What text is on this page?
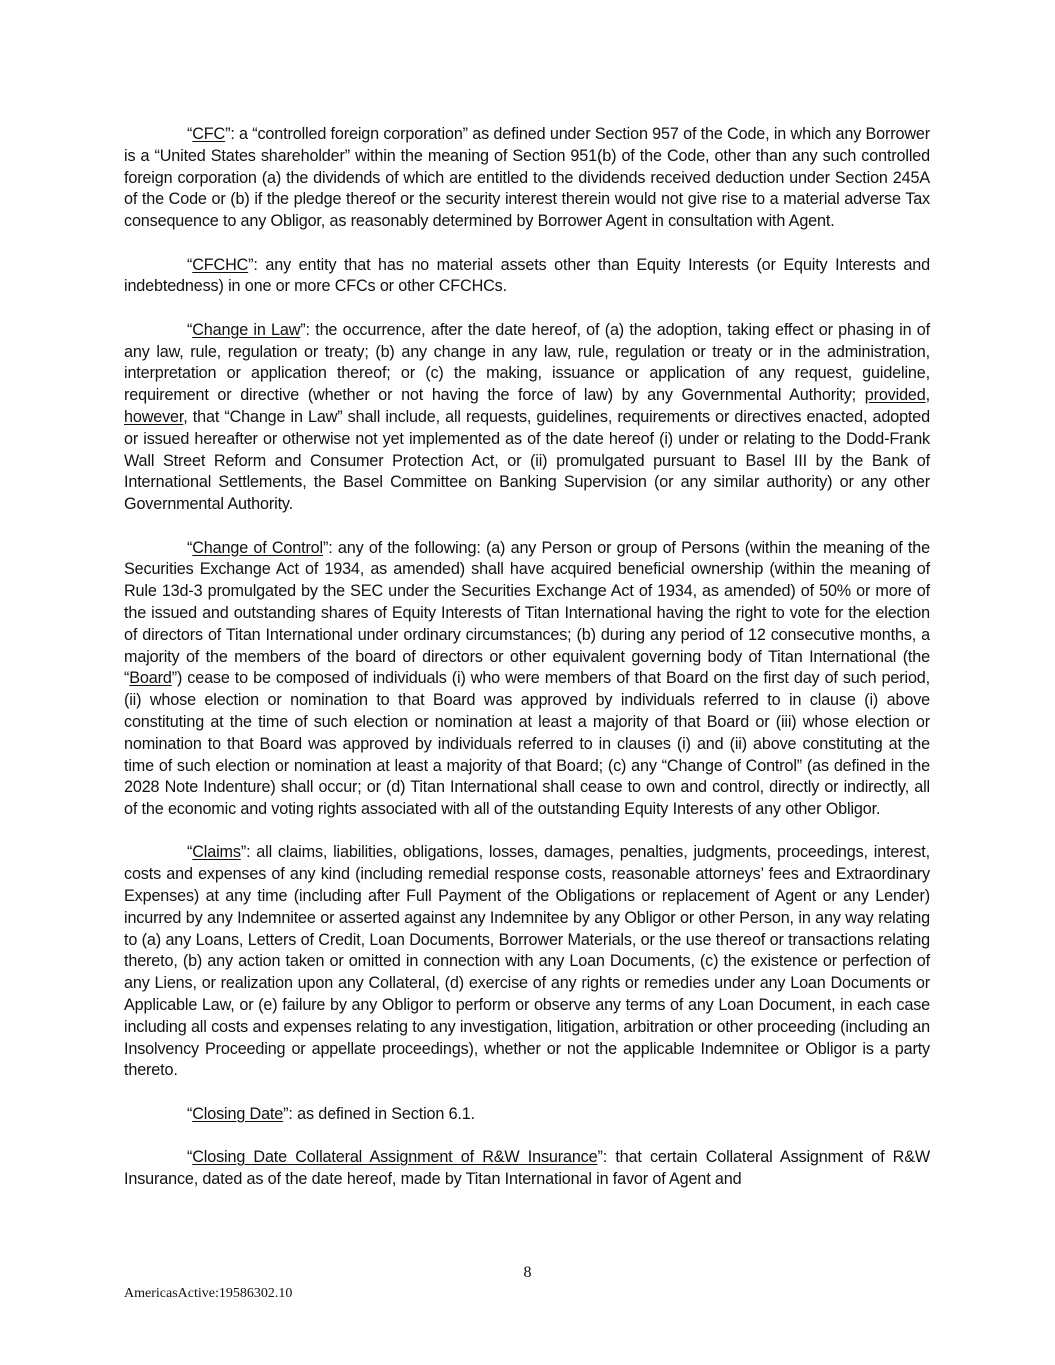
“CFC”: a “controlled foreign corporation” as defined under Section 957 of the Code, in which any Borrower is a “United States shareholder” within the meaning of Section 951(b) of the Code, other than any such controlled foreign corporation (a) the dividends of which are entitled to the dividends received deduction under Section 245A of the Code or (b) if the pledge thereof or the security interest therein would not give rise to a material adverse Tax consequence to any Obligor, as reasonably determined by Borrower Agent in consultation with Agent.

“CFCHC”: any entity that has no material assets other than Equity Interests (or Equity Interests and indebtedness) in one or more CFCs or other CFCHCs.

“Change in Law”: the occurrence, after the date hereof, of (a) the adoption, taking effect or phasing in of any law, rule, regulation or treaty; (b) any change in any law, rule, regulation or treaty or in the administration, interpretation or application thereof; or (c) the making, issuance or application of any request, guideline, requirement or directive (whether or not having the force of law) by any Governmental Authority; provided, however, that “Change in Law” shall include, all requests, guidelines, requirements or directives enacted, adopted or issued hereafter or otherwise not yet implemented as of the date hereof (i) under or relating to the Dodd-Frank Wall Street Reform and Consumer Protection Act, or (ii) promulgated pursuant to Basel III by the Bank of International Settlements, the Basel Committee on Banking Supervision (or any similar authority) or any other Governmental Authority.

“Change of Control”: any of the following: (a) any Person or group of Persons (within the meaning of the Securities Exchange Act of 1934, as amended) shall have acquired beneficial ownership (within the meaning of Rule 13d-3 promulgated by the SEC under the Securities Exchange Act of 1934, as amended) of 50% or more of the issued and outstanding shares of Equity Interests of Titan International having the right to vote for the election of directors of Titan International under ordinary circumstances; (b) during any period of 12 consecutive months, a majority of the members of the board of directors or other equivalent governing body of Titan International (the “Board”) cease to be composed of individuals (i) who were members of that Board on the first day of such period, (ii) whose election or nomination to that Board was approved by individuals referred to in clause (i) above constituting at the time of such election or nomination at least a majority of that Board or (iii) whose election or nomination to that Board was approved by individuals referred to in clauses (i) and (ii) above constituting at the time of such election or nomination at least a majority of that Board; (c) any “Change of Control” (as defined in the 2028 Note Indenture) shall occur; or (d) Titan International shall cease to own and control, directly or indirectly, all of the economic and voting rights associated with all of the outstanding Equity Interests of any other Obligor.

“Claims”: all claims, liabilities, obligations, losses, damages, penalties, judgments, proceedings, interest, costs and expenses of any kind (including remedial response costs, reasonable attorneys’ fees and Extraordinary Expenses) at any time (including after Full Payment of the Obligations or replacement of Agent or any Lender) incurred by any Indemnitee or asserted against any Indemnitee by any Obligor or other Person, in any way relating to (a) any Loans, Letters of Credit, Loan Documents, Borrower Materials, or the use thereof or transactions relating thereto, (b) any action taken or omitted in connection with any Loan Documents, (c) the existence or perfection of any Liens, or realization upon any Collateral, (d) exercise of any rights or remedies under any Loan Documents or Applicable Law, or (e) failure by any Obligor to perform or observe any terms of any Loan Document, in each case including all costs and expenses relating to any investigation, litigation, arbitration or other proceeding (including an Insolvency Proceeding or appellate proceedings), whether or not the applicable Indemnitee or Obligor is a party thereto.

“Closing Date”: as defined in Section 6.1.

“Closing Date Collateral Assignment of R&W Insurance”: that certain Collateral Assignment of R&W Insurance, dated as of the date hereof, made by Titan International in favor of Agent and

8
AmericasActive:19586302.10
